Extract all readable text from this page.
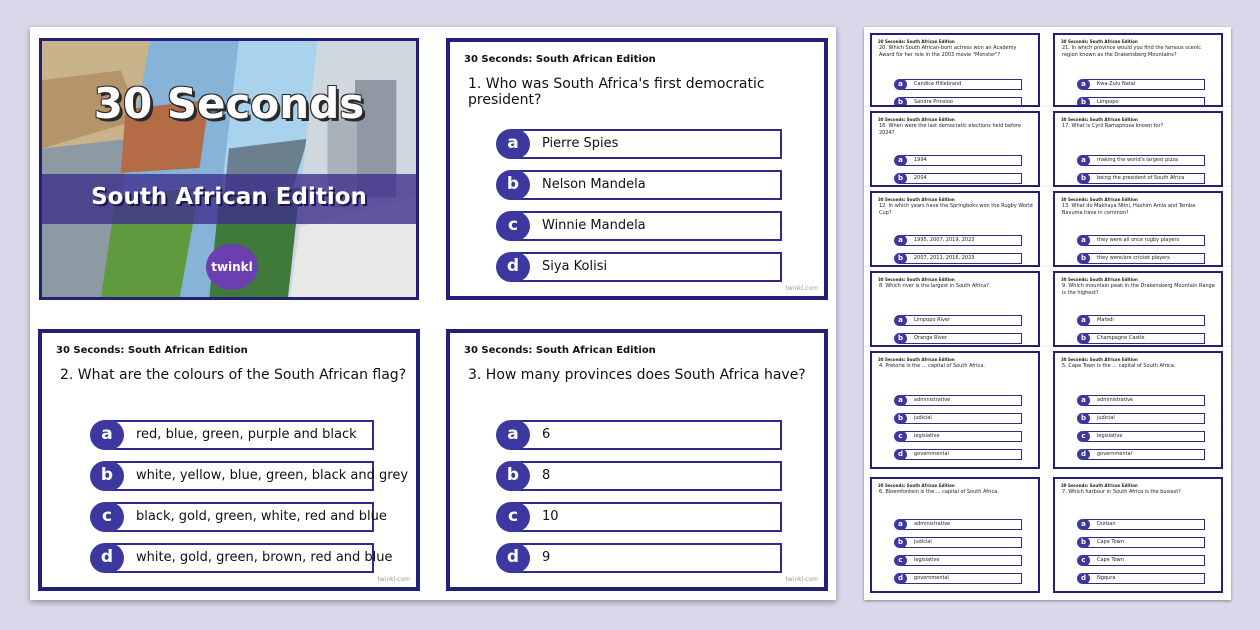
30 Seconds
South African Edition
twinkl
30 Seconds: South African Edition
1. Who was South Africa's first democratic president?
a	Pierre Spies
b	Nelson Mandela
c	Winnie Mandela
d	Siya Kolisi
twinkl.com
30 Seconds: South African Edition
2. What are the colours of the South African flag?
a	red, blue, green, purple and black
b	white, yellow, blue, green, black and grey
c	black, gold, green, white, red and blue
d	white, gold, green, brown, red and blue
twinkl.com
30 Seconds: South African Edition
3. How many provinces does South Africa have?
a	6
b	8
c	10
d	9
twinkl.com
30 Seconds: South African Edition
20. Which South African-born actress won an Academy Award for her role in the 2003 movie "Monster"?
a	Candice Hillebrand
b	Sandra Prinsloo
30 Seconds: South African Edition
21. In which province would you find the famous scenic region known as the Drakensberg Mountains?
a	Kwa-Zulu Natal
b	Limpopo
30 Seconds: South African Edition
16. When were the last democratic elections held before 2024?
a	1994
b	2004
30 Seconds: South African Edition
17. What is Cyril Ramaphosa known for?
a	making the world's largest pizza
b	being the president of South Africa
30 Seconds: South African Edition
12. In which years have the Springboks won the Rugby World Cup?
a	1995, 2007, 2019, 2023
b	2007, 2011, 2016, 2023
30 Seconds: South African Edition
13. What do Makhaya Ntini, Hashim Amla and Temba Bavuma have in common?
a	they were all once rugby players
b	they were/are cricket players
30 Seconds: South African Edition
8. Which river is the largest in South Africa?
a	Limpopo River
b	Orange River
30 Seconds: South African Edition
9. Which mountain peak in the Drakensberg Mountain Range is the highest?
a	Mafadi
b	Champagne Castle
30 Seconds: South African Edition
4. Pretoria is the ... capital of South Africa.
a	administrative
b	judicial
c	legislative
d	governmental
30 Seconds: South African Edition
5. Cape Town is the ... capital of South Africa.
a	administrative
b	judicial
c	legislative
d	governmental
30 Seconds: South African Edition
6. Bloemfontein is the ... capital of South Africa.
a	administrative
b	judicial
c	legislative
d	governmental
30 Seconds: South African Edition
7. Which harbour in South Africa is the busiest?
a	Durban
b	Cape Town
c	Cape Town
d	Ngqura
